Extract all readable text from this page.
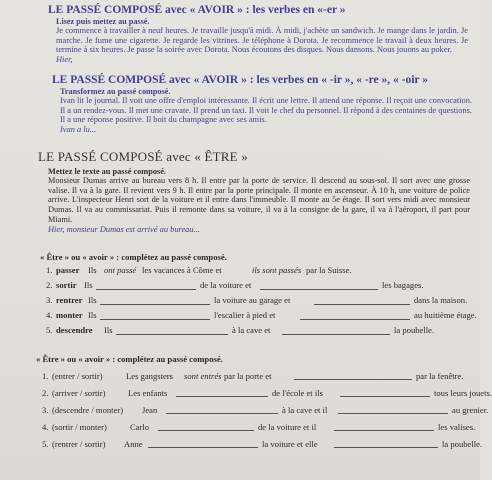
LE PASSÉ COMPOSÉ avec « AVOIR » : les verbes en «-er »
Lisez puis mettez au passé.
Je commence à travailler à neuf heures. Je travaille jusqu'à midi. À midi, j'achète un sandwich. Je mange dans le jardin. Je marche. Je fume une cigarette. Je regarde les vitrines. Je téléphone à Dorota. Je recommence le travail à deux heures. Je termine à six heures. Je passe la soirée avec Dorota. Nous écoutons des disques. Nous dansons. Nous jouons au poker.
Hier,
LE PASSÉ COMPOSÉ avec « AVOIR » : les verbes en « -ir », « -re », « -oir »
Transformez au passé composé.
Ivan lit le journal. Il voit une offre d'emploi intéressante. Il écrit une lettre. Il attend une réponse. Il reçoit une convocation. Il a un rendez-vous. Il met une cravate. Il prend un taxi. Il voit le chef du personnel. Il répond à des centaines de questions. Il a une réponse positive. Il boit du champagne avec ses amis.
Ivan a lu...
LE PASSÉ COMPOSÉ avec « ÊTRE »
Mettez le texte au passé composé.
Monsieur Dumas arrive au bureau vers 8 h. Il entre par la porte de service. Il descend au sous-sol. Il sort avec une grosse valise. Il va à la gare. Il revient vers 9 h. Il entre par la porte principale. Il monte en ascenseur. À 10 h, une voiture de police arrive. L'inspecteur Henri sort de la voiture et il entre dans l'immeuble. Il monte au 5e étage. Il sort vers midi avec monsieur Dumas. Il va au commissariat. Puis il remonte dans sa voiture, il va à la consigne de la gare, il va à l'aéroport, il part pour Miami.
Hier, monsieur Dumas est arrivé au bureau...
« Être » ou « avoir » : complétez au passé composé.
1. passer Ils ont passé les vacances à Côme et	ils sont passés par la Suisse.
2. sortir Ils	de la voiture et	les bagages.
3. rentrer Ils	la voiture au garage et	dans la maison.
4. monter Ils	l'escalier à pied et	au huitième étage.
5. descendre Ils	à la cave et	la poubelle.
« Être » ou « avoir » : complétez au passé composé.
1. (entrer / sortir)	Les gangsters sont entrés par la porte et	par la fenêtre.
2. (arriver / sortir)	Les enfants	de l'école et ils	tous leurs jouets.
3. (descendre / monter) Jean	à la cave et il	au grenier.
4. (sortir / monter)	Carlo	de la voiture et il	les valises.
5. (rentrer / sortir) Anne	la voiture et elle	la poubelle.
